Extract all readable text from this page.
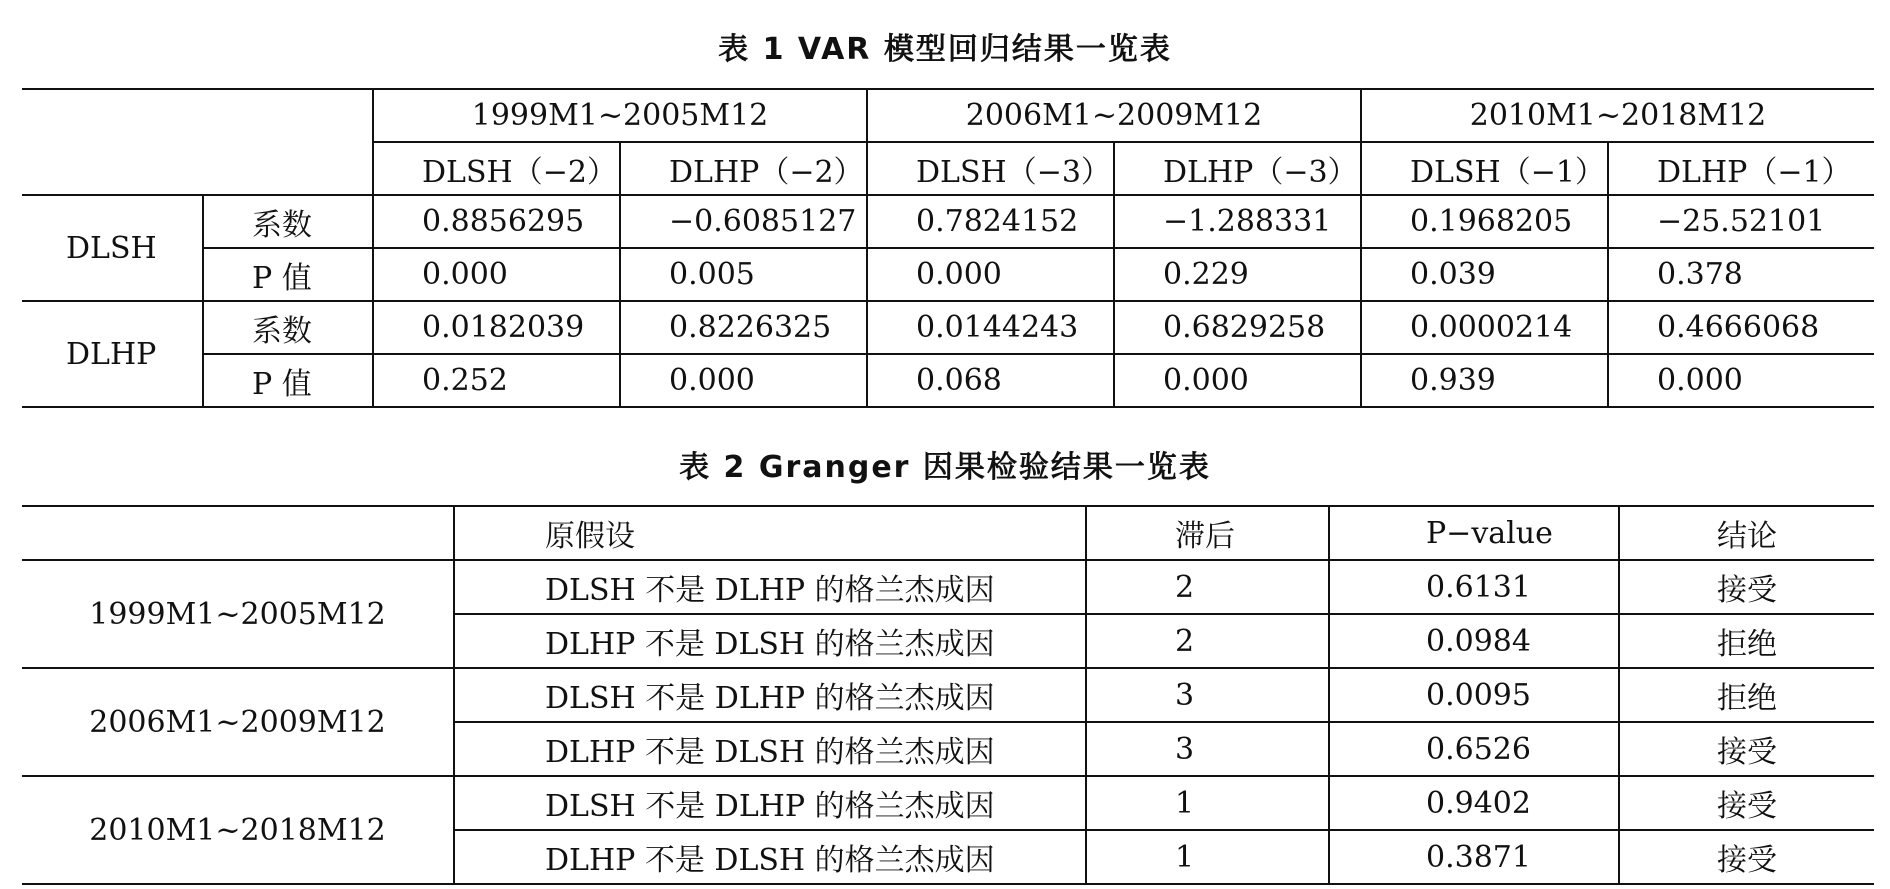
表 1 VAR 模型回归结果一览表
		1999M1~2005M12		2006M1~2009M12		2010M1~2018M12	
		DLSH（−2）	DLHP（−2）	DLSH（−3）	DLHP（−3）	DLSH（−1）	DLHP（−1）
DLSH	系数	0.8856295	−0.6085127	0.7824152	−1.288331	0.1968205	−25.52101
	P 值	0.000	0.005	0.000	0.229	0.039	0.378
DLHP	系数	0.0182039	0.8226325	0.0144243	0.6829258	0.0000214	0.4666068
	P 值	0.252	0.000	0.068	0.000	0.939	0.000
表 2 Granger 因果检验结果一览表
	原假设	滞后	P−value	结论
1999M1~2005M12	DLSH 不是 DLHP 的格兰杰成因	2	0.6131	接受
	DLHP 不是 DLSH 的格兰杰成因	2	0.0984	拒绝
2006M1~2009M12	DLSH 不是 DLHP 的格兰杰成因	3	0.0095	拒绝
	DLHP 不是 DLSH 的格兰杰成因	3	0.6526	接受
2010M1~2018M12	DLSH 不是 DLHP 的格兰杰成因	1	0.9402	接受
	DLHP 不是 DLSH 的格兰杰成因	1	0.3871	接受
